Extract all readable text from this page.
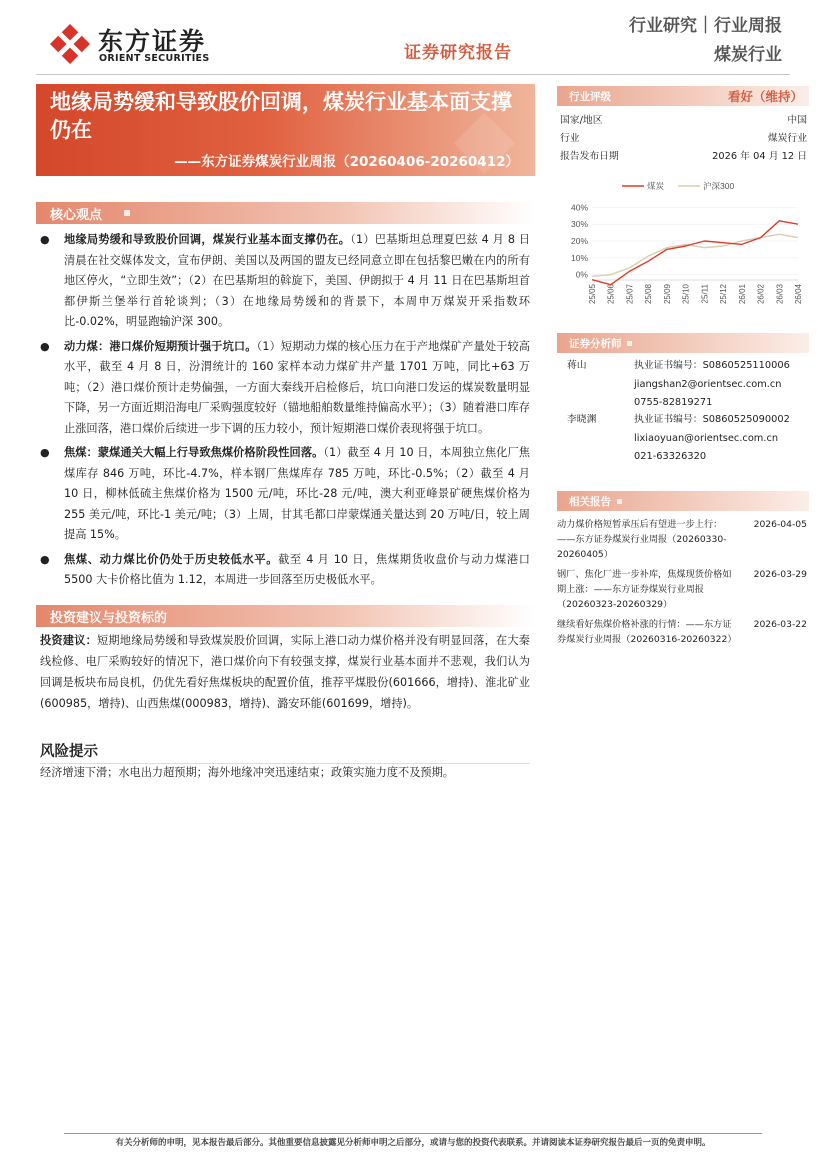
东方证券
ORIENT SECURITIES	证券研究报告
行业研究｜行业周报
煤炭行业
◆
地缘局势缓和导致股价回调，煤炭行业基本面支撑仍在
——东方证券煤炭行业周报（20260406-20260412）
核心观点
● 地缘局势缓和导致股价回调，煤炭行业基本面支撑仍在。（1）巴基斯坦总理夏巴兹 4 月 8 日清晨在社交媒体发文，宣布伊朗、美国以及两国的盟友已经同意立即在包括黎巴嫩在内的所有地区停火，“立即生效”；（2）在巴基斯坦的斡旋下，美国、伊朗拟于 4 月 11 日在巴基斯坦首都伊斯兰堡举行首轮谈判；（3）在地缘局势缓和的背景下，本周申万煤炭开采指数环比-0.02%，明显跑输沪深 300。
● 动力煤：港口煤价短期预计强于坑口。（1）短期动力煤的核心压力在于产地煤矿产量处于较高水平，截至 4 月 8 日，汾渭统计的 160 家样本动力煤矿井产量 1701 万吨，同比+63 万吨；（2）港口煤价预计走势偏强，一方面大秦线开启检修后，坑口向港口发运的煤炭数量明显下降，另一方面近期沿海电厂采购强度较好（锚地船舶数量维持偏高水平）；（3）随着港口库存止涨回落，港口煤价后续进一步下调的压力较小，预计短期港口煤价表现将强于坑口。
● 焦煤：蒙煤通关大幅上行导致焦煤价格阶段性回落。（1）截至 4 月 10 日，本周独立焦化厂焦煤库存 846 万吨，环比-4.7%，样本钢厂焦煤库存 785 万吨，环比-0.5%；（2）截至 4 月 10 日，柳林低硫主焦煤价格为 1500 元/吨，环比-28 元/吨，澳大利亚峰景矿硬焦煤价格为 255 美元/吨，环比-1 美元/吨；（3）上周，甘其毛都口岸蒙煤通关量达到 20 万吨/日，较上周提高 15%。
● 焦煤、动力煤比价仍处于历史较低水平。截至 4 月 10 日，焦煤期货收盘价与动力煤港口 5500 大卡价格比值为 1.12，本周进一步回落至历史极低水平。
投资建议与投资标的
投资建议：短期地缘局势缓和导致煤炭股价回调，实际上港口动力煤价格并没有明显回落，在大秦线检修、电厂采购较好的情况下，港口煤价向下有较强支撑，煤炭行业基本面并不悲观，我们认为回调是板块布局良机，仍优先看好焦煤板块的配置价值，推荐平煤股份(601666，增持)、淮北矿业(600985，增持)、山西焦煤(000983，增持)、潞安环能(601699，增持)。
风险提示
经济增速下滑；水电出力超预期；海外地缘冲突迅速结束；政策实施力度不及预期。
行业评级	看好（维持）
国家/地区	中国
行业	煤炭行业
报告发布日期	2026 年 04 月 12 日
0%
10%
20%
30%
40%
25/05 25/06 25/07 25/08 25/09 25/10 25/11 25/12 26/01 26/02 26/03 26/04
煤炭	沪深300
证券分析师
蒋山	执业证书编号：S0860525110006
jiangshan2@orientsec.com.cn
0755-82819271
李晓渊	执业证书编号：S0860525090002
lixiaoyuan@orientsec.com.cn
021-63326320
相关报告
动力煤价格短暂承压后有望进一步上行：——东方证券煤炭行业周报（20260330-20260405）
2026-04-05
钢厂、焦化厂进一步补库，焦煤现货价格如期上涨：——东方证券煤炭行业周报（20260323-20260329）
2026-03-29
继续看好焦煤价格补涨的行情：——东方证券煤炭行业周报（20260316-20260322）
2026-03-22
有关分析师的申明，见本报告最后部分。其他重要信息披露见分析师申明之后部分，或请与您的投资代表联系。并请阅读本证券研究报告最后一页的免责申明。
